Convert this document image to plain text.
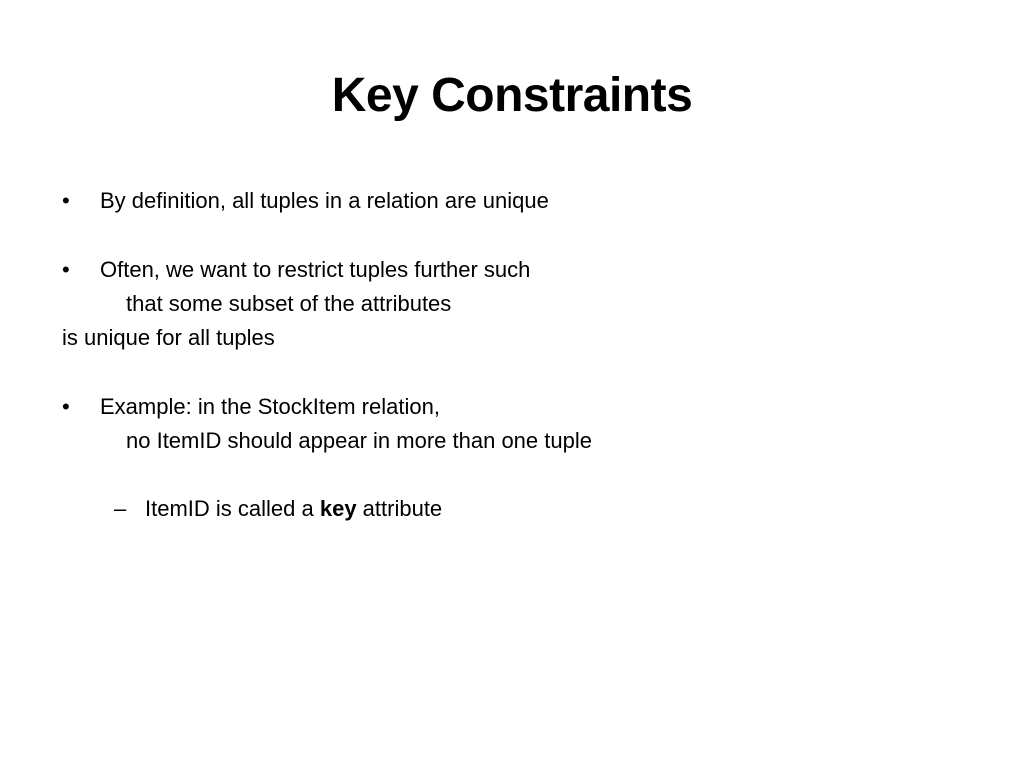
Key Constraints
• By definition, all tuples in a relation are unique
• Often, we want to restrict tuples further such
that some subset of the attributes
is unique for all tuples
• Example: in the StockItem relation,
no ItemID should appear in more than one tuple
– ItemID is called a key attribute
